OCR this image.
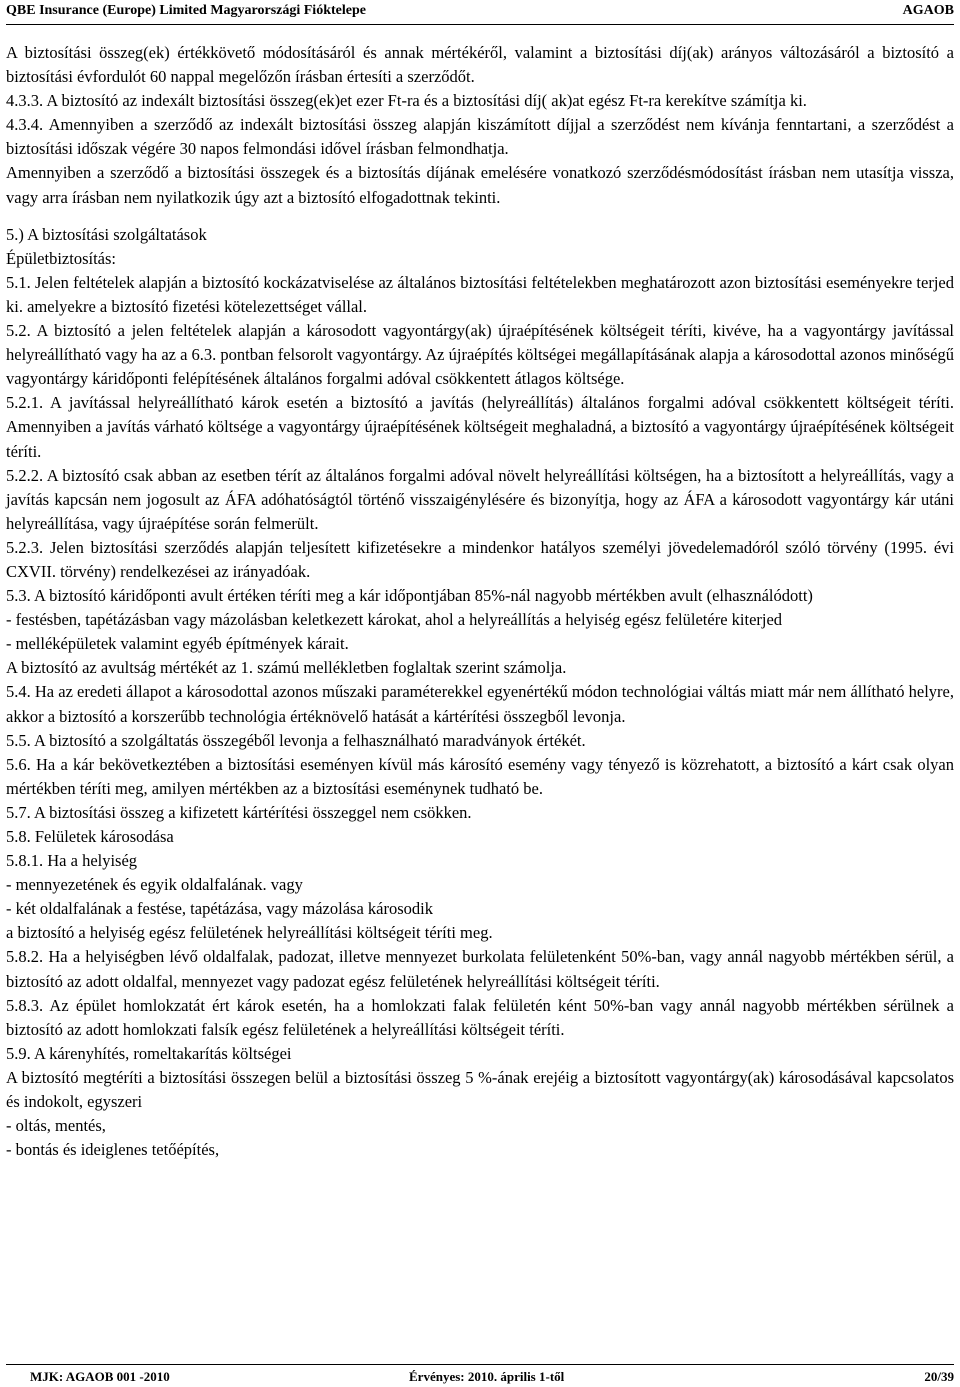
QBE Insurance (Europe) Limited Magyarországi Fióktelepe	AGAOB

A biztosítási összeg(ek) értékkövető módosításáról és annak mértékéről, valamint a biztosítási díj(ak) arányos változásáról a biztosító a biztosítási évfordulót 60 nappal megelőzőn írásban értesíti a szerződőt.

4.3.3. A biztosító az indexált biztosítási összeg(ek)et ezer Ft-ra és a biztosítási díj( ak)at egész Ft-ra kerekítve számítja ki.

4.3.4. Amennyiben a szerződő az indexált biztosítási összeg alapján kiszámított díjjal a szerződést nem kívánja fenntartani, a szerződést a biztosítási időszak végére 30 napos felmondási idővel írásban felmondhatja.

Amennyiben a szerződő a biztosítási összegek és a biztosítás díjának emelésére vonatkozó szerződésmódosítást írásban nem utasítja vissza, vagy arra írásban nem nyilatkozik úgy azt a biztosító elfogadottnak tekinti.

5.) A biztosítási szolgáltatások

Épületbiztosítás:

5.1. Jelen feltételek alapján a biztosító kockázatviselése az általános biztosítási feltételekben meghatározott azon biztosítási eseményekre terjed ki. amelyekre a biztosító fizetési kötelezettséget vállal.

5.2. A biztosító a jelen feltételek alapján a károsodott vagyontárgy(ak) újraépítésének költségeit téríti, kivéve, ha a vagyontárgy javítással helyreállítható vagy ha az a 6.3. pontban felsorolt vagyontárgy. Az újraépítés költségei megállapításának alapja a károsodottal azonos minőségű vagyontárgy káridőponti felépítésének általános forgalmi adóval csökkentett átlagos költsége.

5.2.1. A javítással helyreállítható károk esetén a biztosító a javítás (helyreállítás) általános forgalmi adóval csökkentett költségeit téríti. Amennyiben a javítás várható költsége a vagyontárgy újraépítésének költségeit meghaladná, a biztosító a vagyontárgy újraépítésének költségeit téríti.

5.2.2. A biztosító csak abban az esetben térít az általános forgalmi adóval növelt helyreállítási költségen, ha a biztosított a helyreállítás, vagy a javítás kapcsán nem jogosult az ÁFA adóhatóságtól történő visszaigénylésére és bizonyítja, hogy az ÁFA a károsodott vagyontárgy kár utáni helyreállítása, vagy újraépítése során felmerült.

5.2.3. Jelen biztosítási szerződés alapján teljesített kifizetésekre a mindenkor hatályos személyi jövedelemadóról szóló törvény (1995. évi CXVII. törvény) rendelkezései az irányadóak.

5.3. A biztosító káridőponti avult értéken téríti meg a kár időpontjában 85%-nál nagyobb mértékben avult (elhasználódott)

- festésben, tapétázásban vagy mázolásban keletkezett károkat, ahol a helyreállítás a helyiség egész felületére kiterjed

- melléképületek valamint egyéb építmények kárait.

A biztosító az avultság mértékét az 1. számú mellékletben foglaltak szerint számolja.

5.4. Ha az eredeti állapot a károsodottal azonos műszaki paraméterekkel egyenértékű módon technológiai váltás miatt már nem állítható helyre, akkor a biztosító a korszerűbb technológia értéknövelő hatását a kártérítési összegből levonja.

5.5. A biztosító a szolgáltatás összegéből levonja a felhasználható maradványok értékét.

5.6. Ha a kár bekövetkeztében a biztosítási eseményen kívül más károsító esemény vagy tényező is közrehatott, a biztosító a kárt csak olyan mértékben téríti meg, amilyen mértékben az a biztosítási eseménynek tudható be.

5.7. A biztosítási összeg a kifizetett kártérítési összeggel nem csökken.

5.8. Felületek károsodása

5.8.1. Ha a helyiség

- mennyezetének és egyik oldalfalának. vagy

- két oldalfalának a festése, tapétázása, vagy mázolása károsodik

a biztosító a helyiség egész felületének helyreállítási költségeit téríti meg.

5.8.2. Ha a helyiségben lévő oldalfalak, padozat, illetve mennyezet burkolata felületenként 50%-ban, vagy annál nagyobb mértékben sérül, a biztosító az adott oldalfal, mennyezet vagy padozat egész felületének helyreállítási költségeit téríti.

5.8.3. Az épület homlokzatát ért károk esetén, ha a homlokzati falak felületén ként 50%-ban vagy annál nagyobb mértékben sérülnek a biztosító az adott homlokzati falsík egész felületének a helyreállítási költségeit téríti.

5.9. A kárenyhítés, romeltakarítás költségei

A biztosító megtéríti a biztosítási összegen belül a biztosítási összeg 5 %-ának erejéig a biztosított vagyontárgy(ak) károsodásával kapcsolatos és indokolt, egyszeri

- oltás, mentés,

- bontás és ideiglenes tetőépítés,

MJK: AGAOB 001 -2010	Érvényes: 2010. április 1-től	20/39
